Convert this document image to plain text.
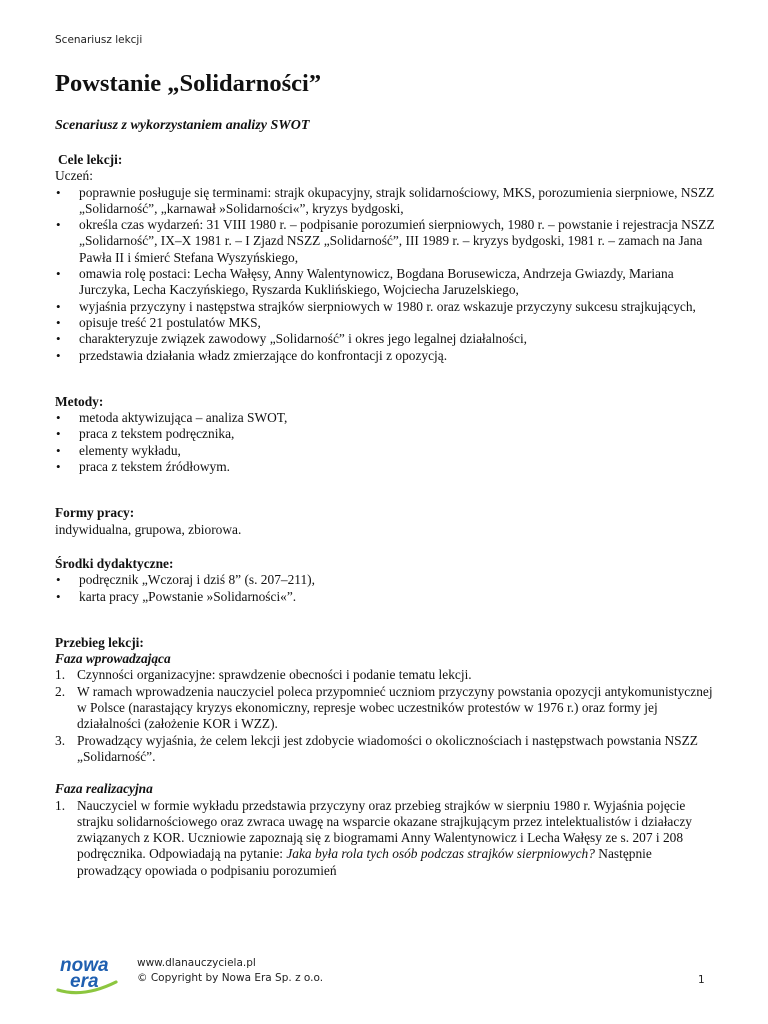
Scenariusz lekcji
Powstanie „Solidarności”
Scenariusz z wykorzystaniem analizy SWOT
Cele lekcji:
Uczeń:
• poprawnie posługuje się terminami: strajk okupacyjny, strajk solidarnościowy, MKS, porozumienia sierpniowe, NSZZ „Solidarność”, „karnawał »Solidarności«”, kryzys bydgoski,
• określa czas wydarzeń: 31 VIII 1980 r. – podpisanie porozumień sierpniowych, 1980 r. – powstanie i rejestracja NSZZ „Solidarność”, IX–X 1981 r. – I Zjazd NSZZ „Solidarność”, III 1989 r. – kryzys bydgoski, 1981 r. – zamach na Jana Pawła II i śmierć Stefana Wyszyńskiego,
• omawia rolę postaci: Lecha Wałęsy, Anny Walentynowicz, Bogdana Borusewicza, Andrzeja Gwiazdy, Mariana Jurczyka, Lecha Kaczyńskiego, Ryszarda Kuklińskiego, Wojciecha Jaruzelskiego,
• wyjaśnia przyczyny i następstwa strajków sierpniowych w 1980 r. oraz wskazuje przyczyny sukcesu strajkujących,
• opisuje treść 21 postulatów MKS,
• charakteryzuje związek zawodowy „Solidarność” i okres jego legalnej działalności,
• przedstawia działania władz zmierzające do konfrontacji z opozycją.
Metody:
• metoda aktywizująca – analiza SWOT,
• praca z tekstem podręcznika,
• elementy wykładu,
• praca z tekstem źródłowym.
Formy pracy:
indywidualna, grupowa, zbiorowa.
Środki dydaktyczne:
• podręcznik „Wczoraj i dziś 8” (s. 207–211),
• karta pracy „Powstanie »Solidarności«”.
Przebieg lekcji:
Faza wprowadzająca
1. Czynności organizacyjne: sprawdzenie obecności i podanie tematu lekcji.
2. W ramach wprowadzenia nauczyciel poleca przypomnieć uczniom przyczyny powstania opozycji antykomunistycznej w Polsce (narastający kryzys ekonomiczny, represje wobec uczestników protestów w 1976 r.) oraz formy jej działalności (założenie KOR i WZZ).
3. Prowadzący wyjaśnia, że celem lekcji jest zdobycie wiadomości o okolicznościach i następstwach powstania NSZZ „Solidarność”.
Faza realizacyjna
1. Nauczyciel w formie wykładu przedstawia przyczyny oraz przebieg strajków w sierpniu 1980 r. Wyjaśnia pojęcie strajku solidarnościowego oraz zwraca uwagę na wsparcie okazane strajkującym przez intelektualistów i działaczy związanych z KOR. Uczniowie zapoznają się z biogramami Anny Walentynowicz i Lecha Wałęsy ze s. 207 i 208 podręcznika. Odpowiadają na pytanie: Jaka była rola tych osób podczas strajków sierpniowych? Następnie prowadzący opowiada o podpisaniu porozumień
nowa
era
www.dlanauczyciela.pl
© Copyright by Nowa Era Sp. z o.o.	1
